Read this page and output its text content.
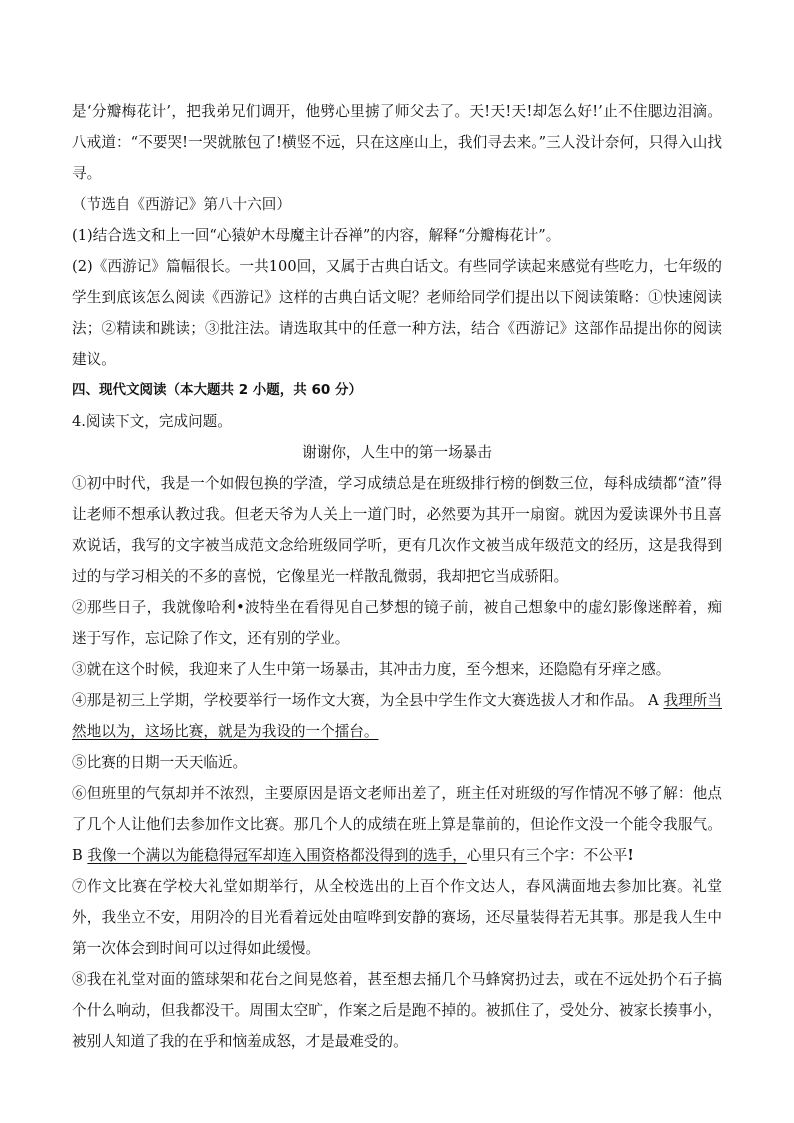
是‘分瓣梅花计’，把我弟兄们调开，他劈心里掳了师父去了。天!天!天!却怎么好!’止不住腮边泪滴。八戒道：“不要哭!一哭就脓包了!横竖不远，只在这座山上，我们寻去来。”三人没计奈何，只得入山找寻。

（节选自《西游记》第八十六回）

(1)结合选文和上一回“心猿妒木母魔主计吞禅”的内容，解释“分瓣梅花计”。

(2)《西游记》篇幅很长。一共100回，又属于古典白话文。有些同学读起来感觉有些吃力，七年级的学生到底该怎么阅读《西游记》这样的古典白话文呢？老师给同学们提出以下阅读策略：①快速阅读法；②精读和跳读；③批注法。请选取其中的任意一种方法，结合《西游记》这部作品提出你的阅读建议。

四、现代文阅读（本大题共 2 小题，共 60 分）

4.阅读下文，完成问题。

谢谢你，人生中的第一场暴击

①初中时代，我是一个如假包换的学渣，学习成绩总是在班级排行榜的倒数三位，每科成绩都“渣”得让老师不想承认教过我。但老天爷为人关上一道门时，必然要为其开一扇窗。就因为爱读课外书且喜欢说话，我写的文字被当成范文念给班级同学听，更有几次作文被当成年级范文的经历，这是我得到过的与学习相关的不多的喜悦，它像星光一样散乱微弱，我却把它当成骄阳。

②那些日子，我就像哈利•波特坐在看得见自己梦想的镜子前，被自己想象中的虚幻影像迷醉着，痴迷于写作，忘记除了作文，还有别的学业。

③就在这个时候，我迎来了人生中第一场暴击，其冲击力度，至今想来，还隐隐有牙痒之感。

④那是初三上学期，学校要举行一场作文大赛，为全县中学生作文大赛选拔人才和作品。 A 我理所当然地以为，这场比赛，就是为我设的一个擂台。

⑤比赛的日期一天天临近。

⑥但班里的气氛却并不浓烈，主要原因是语文老师出差了，班主任对班级的写作情况不够了解：他点了几个人让他们去参加作文比赛。那几个人的成绩在班上算是靠前的，但论作文没一个能令我服气。 B 我像一个满以为能稳得冠军却连入围资格都没得到的选手，心里只有三个字：不公平!

⑦作文比赛在学校大礼堂如期举行，从全校选出的上百个作文达人，春风满面地去参加比赛。礼堂外，我坐立不安，用阴冷的目光看着远处由喧哗到安静的赛场，还尽量装得若无其事。那是我人生中第一次体会到时间可以过得如此缓慢。

⑧我在礼堂对面的篮球架和花台之间晃悠着，甚至想去捅几个马蜂窝扔过去，或在不远处扔个石子搞个什么响动，但我都没干。周围太空旷，作案之后是跑不掉的。被抓住了，受处分、被家长揍事小，被别人知道了我的在乎和恼羞成怒，才是最难受的。
